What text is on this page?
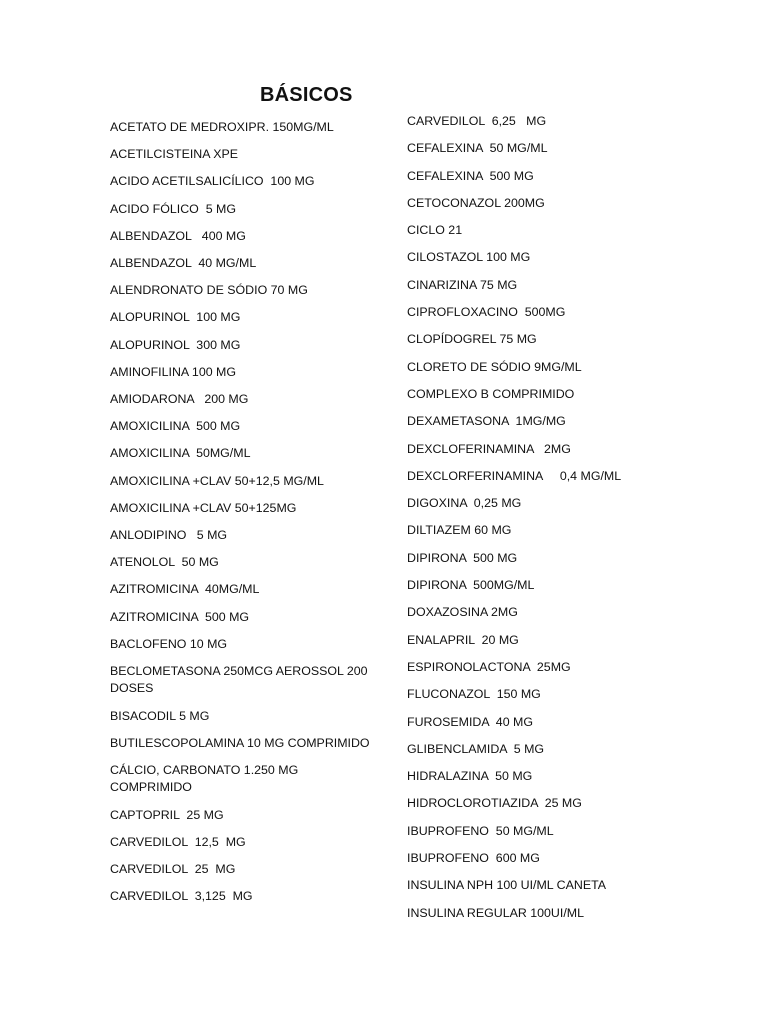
BÁSICOS
ACETATO DE MEDROXIPR. 150MG/ML
ACETILCISTEINA XPE
ACIDO ACETILSALICÍLICO  100 MG
ACIDO FÓLICO  5 MG
ALBENDAZOL   400 MG
ALBENDAZOL  40 MG/ML
ALENDRONATO DE SÓDIO 70 MG
ALOPURINOL  100 MG
ALOPURINOL  300 MG
AMINOFILINA 100 MG
AMIODARONA   200 MG
AMOXICILINA  500 MG
AMOXICILINA  50MG/ML
AMOXICILINA +CLAV 50+12,5 MG/ML
AMOXICILINA +CLAV 50+125MG
ANLODIPINO   5 MG
ATENOLOL  50 MG
AZITROMICINA  40MG/ML
AZITROMICINA  500 MG
BACLOFENO 10 MG
BECLOMETASONA 250MCG AEROSSOL 200 DOSES
BISACODIL 5 MG
BUTILESCOPOLAMINA 10 MG COMPRIMIDO
CÁLCIO, CARBONATO 1.250 MG COMPRIMIDO
CAPTOPRIL  25 MG
CARVEDILOL  12,5  MG
CARVEDILOL  25  MG
CARVEDILOL  3,125  MG
CARVEDILOL  6,25   MG
CEFALEXINA  50 MG/ML
CEFALEXINA  500 MG
CETOCONAZOL 200MG
CICLO 21
CILOSTAZOL 100 MG
CINARIZINA 75 MG
CIPROFLOXACINO  500MG
CLOPÍDOGREL 75 MG
CLORETO DE SÓDIO 9MG/ML
COMPLEXO B COMPRIMIDO
DEXAMETASONA  1MG/MG
DEXCLOFERINAMINA   2MG
DEXCLORFERINAMINA     0,4 MG/ML
DIGOXINA  0,25 MG
DILTIAZEM 60 MG
DIPIRONA  500 MG
DIPIRONA  500MG/ML
DOXAZOSINA 2MG
ENALAPRIL  20 MG
ESPIRONOLACTONA  25MG
FLUCONAZOL  150 MG
FUROSEMIDA  40 MG
GLIBENCLAMIDA  5 MG
HIDRALAZINA  50 MG
HIDROCLOROTIAZIDA  25 MG
IBUPROFENO  50 MG/ML
IBUPROFENO  600 MG
INSULINA NPH 100 UI/ML CANETA
INSULINA REGULAR 100UI/ML
